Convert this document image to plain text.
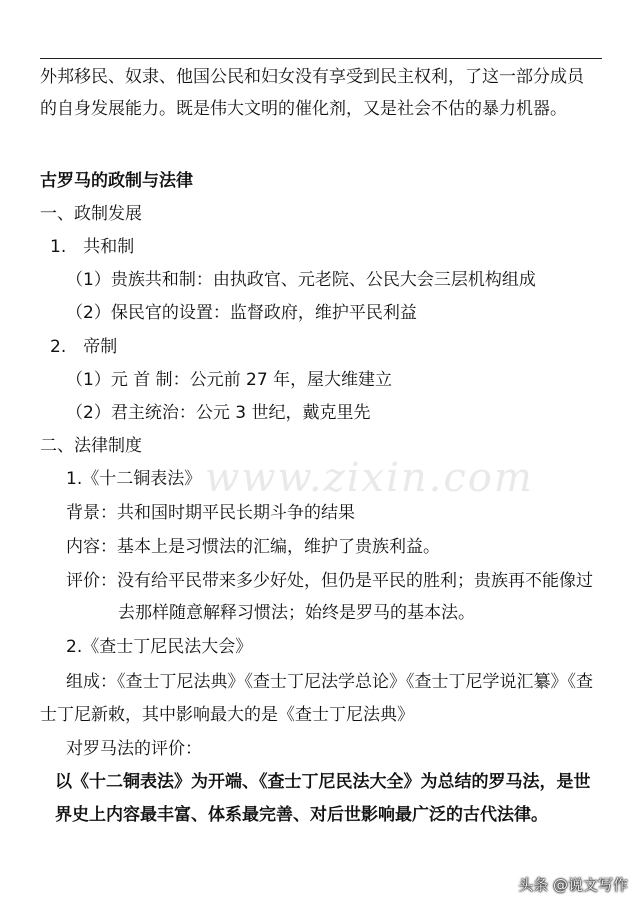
外邦移民、奴隶、他国公民和妇女没有享受到民主权利，了这一部分成员
的自身发展能力。既是伟大文明的催化剂，又是社会不估的暴力机器。
古罗马的政制与法律
一、政制发展
1.　共和制
（1）贵族共和制：由执政官、元老院、公民大会三层机构组成
（2）保民官的设置：监督政府，维护平民利益
2.　帝制
（1）元 首 制：公元前 27 年，屋大维建立
（2）君主统治：公元 3 世纪，戴克里先
二、法律制度
1.《十二铜表法》
背景：共和国时期平民长期斗争的结果
内容：基本上是习惯法的汇编，维护了贵族利益。
评价：没有给平民带来多少好处，但仍是平民的胜利；贵族再不能像过
去那样随意解释习惯法；始终是罗马的基本法。
2.《查士丁尼民法大会》
组成：《查士丁尼法典》《查士丁尼法学总论》《查士丁尼学说汇纂》《查
士丁尼新敕，其中影响最大的是《查士丁尼法典》
对罗马法的评价：
以《十二铜表法》为开端、《查士丁尼民法大全》为总结的罗马法，是世
界史上内容最丰富、体系最完善、对后世影响最广泛的古代法律。
www.zixin.com
头条 @说文写作
